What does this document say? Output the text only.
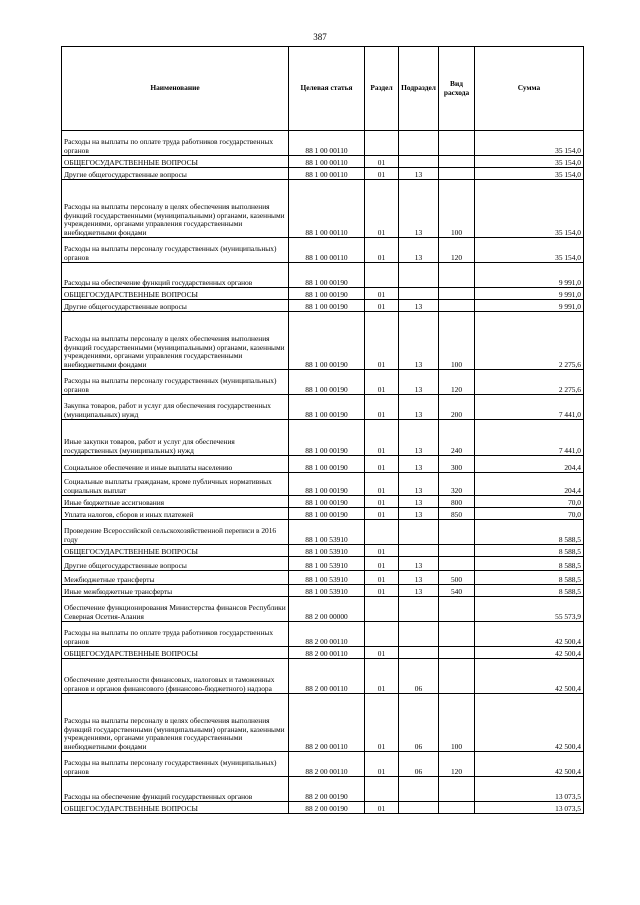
387
Наименование	Целевая статья	Раздел	Подраздел	Вид расхода	Сумма
Расходы на выплаты по оплате труда работников государственных органов	88 1 00 00110				35 154,0
ОБЩЕГОСУДАРСТВЕННЫЕ ВОПРОСЫ	88 1 00 00110	01			35 154,0
Другие общегосударственные вопросы	88 1 00 00110	01	13		35 154,0
Расходы на выплаты персоналу в целях обеспечения выполнения функций государственными (муниципальными) органами, казенными учреждениями, органами управления государственными внебюджетными фондами	88 1 00 00110	01	13	100	35 154,0
Расходы на выплаты персоналу государственных (муниципальных) органов	88 1 00 00110	01	13	120	35 154,0
Расходы на обеспечение функций государственных органов	88 1 00 00190				9 991,0
ОБЩЕГОСУДАРСТВЕННЫЕ ВОПРОСЫ	88 1 00 00190	01			9 991,0
Другие общегосударственные вопросы	88 1 00 00190	01	13		9 991,0
Расходы на выплаты персоналу в целях обеспечения выполнения функций государственными (муниципальными) органами, казенными учреждениями, органами управления государственными внебюджетными фондами	88 1 00 00190	01	13	100	2 275,6
Расходы на выплаты персоналу государственных (муниципальных) органов	88 1 00 00190	01	13	120	2 275,6
Закупка товаров, работ и услуг для обеспечения государственных (муниципальных) нужд	88 1 00 00190	01	13	200	7 441,0
Иные закупки товаров, работ и услуг для обеспечения государственных (муниципальных) нужд	88 1 00 00190	01	13	240	7 441,0
Социальное обеспечение и иные выплаты населению	88 1 00 00190	01	13	300	204,4
Социальные выплаты гражданам, кроме публичных нормативных социальных выплат	88 1 00 00190	01	13	320	204,4
Иные бюджетные ассигнования	88 1 00 00190	01	13	800	70,0
Уплата налогов, сборов и иных платежей	88 1 00 00190	01	13	850	70,0
Проведение Всероссийской сельскохозяйственной переписи в 2016 году	88 1 00 53910				8 588,5
ОБЩЕГОСУДАРСТВЕННЫЕ ВОПРОСЫ	88 1 00 53910	01			8 588,5
Другие общегосударственные вопросы	88 1 00 53910	01	13		8 588,5
Межбюджетные трансферты	88 1 00 53910	01	13	500	8 588,5
Иные межбюджетные трансферты	88 1 00 53910	01	13	540	8 588,5
Обеспечение функционирования Министерства финансов Республики Северная Осетия-Алания	88 2 00 00000				55 573,9
Расходы на выплаты по оплате труда работников государственных органов	88 2 00 00110				42 500,4
ОБЩЕГОСУДАРСТВЕННЫЕ ВОПРОСЫ	88 2 00 00110	01			42 500,4
Обеспечение деятельности финансовых, налоговых и таможенных органов и органов финансового (финансово-бюджетного) надзора	88 2 00 00110	01	06		42 500,4
Расходы на выплаты персоналу в целях обеспечения выполнения функций государственными (муниципальными) органами, казенными учреждениями, органами управления государственными внебюджетными фондами	88 2 00 00110	01	06	100	42 500,4
Расходы на выплаты персоналу государственных (муниципальных) органов	88 2 00 00110	01	06	120	42 500,4
Расходы на обеспечение функций государственных органов	88 2 00 00190				13 073,5
ОБЩЕГОСУДАРСТВЕННЫЕ ВОПРОСЫ	88 2 00 00190	01			13 073,5
